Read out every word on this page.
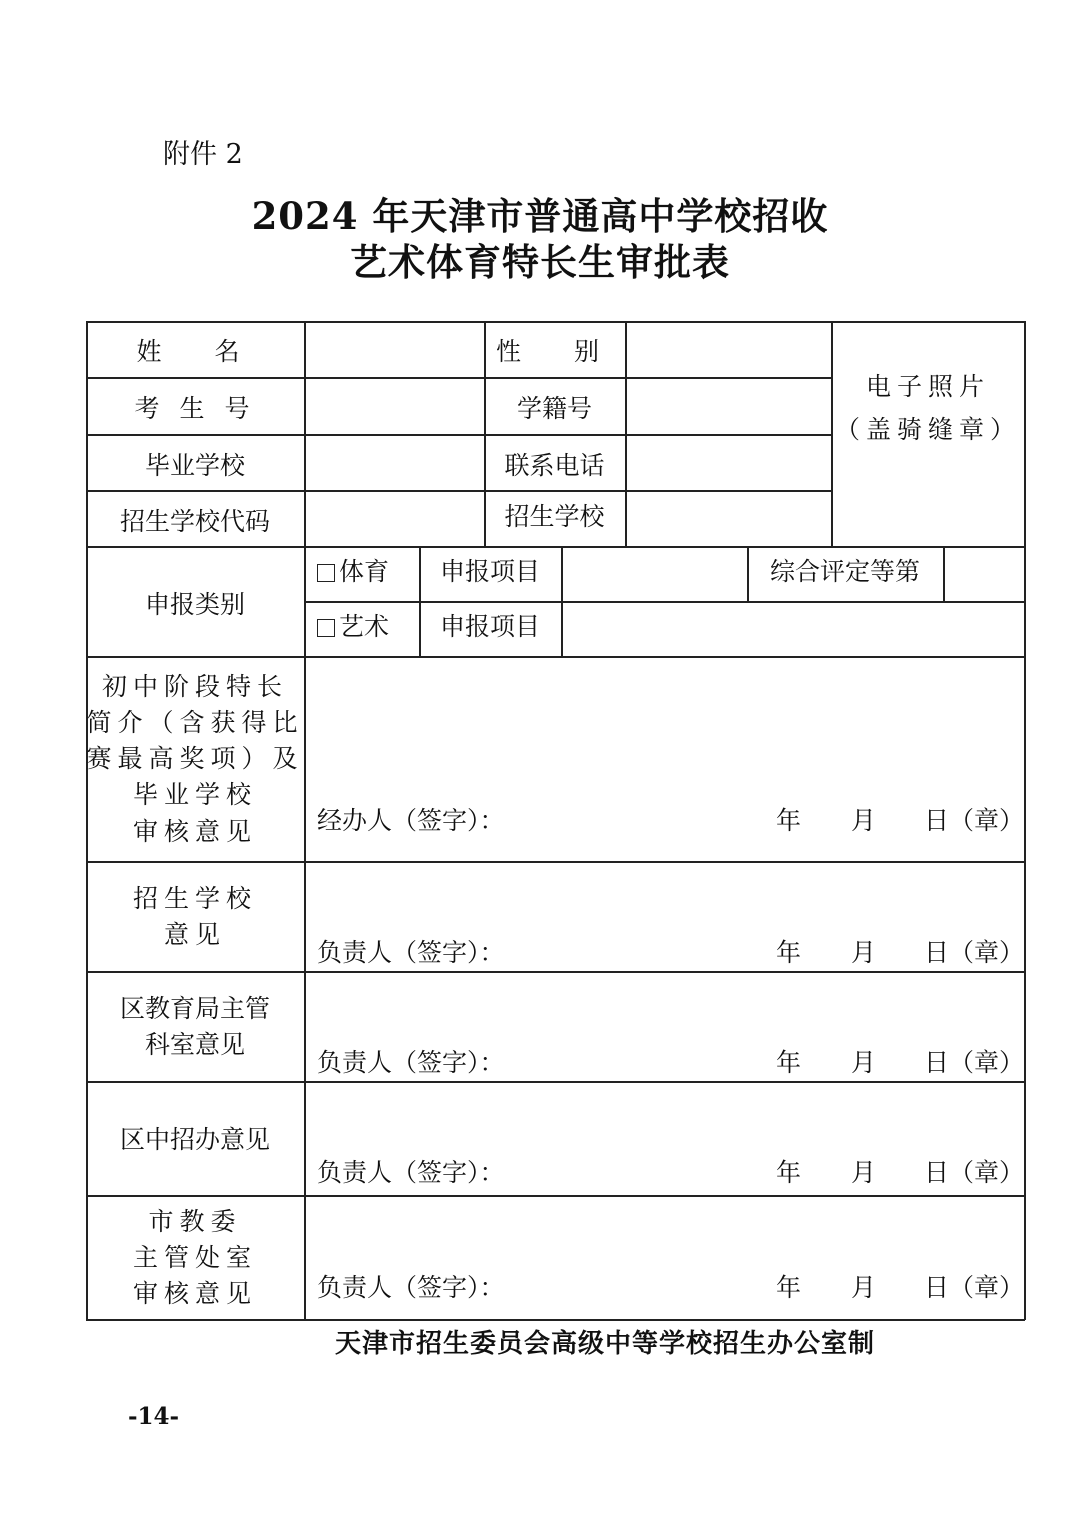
附件 2
2024 年天津市普通高中学校招收
艺术体育特长生审批表
姓　名	性　别
电子照片
（盖骑缝章）
考 生 号	学籍号
毕业学校	联系电话
招生学校代码	招生学校
申报类别
体育	申报项目	综合评定等第
艺术	申报项目
初中阶段特长
简介（含获得比
赛最高奖项）及
毕业学校
审核意见	经办人（签字）：	年 月 日（章）
招生学校
意见
负责人（签字）：	年 月 日（章）
区教育局主管
科室意见
负责人（签字）：	年 月 日（章）
区中招办意见
负责人（签字）：	年 月 日（章）
市教委
主管处室
审核意见	负责人（签字）：	年 月 日（章）
天津市招生委员会高级中等学校招生办公室制
-14-
